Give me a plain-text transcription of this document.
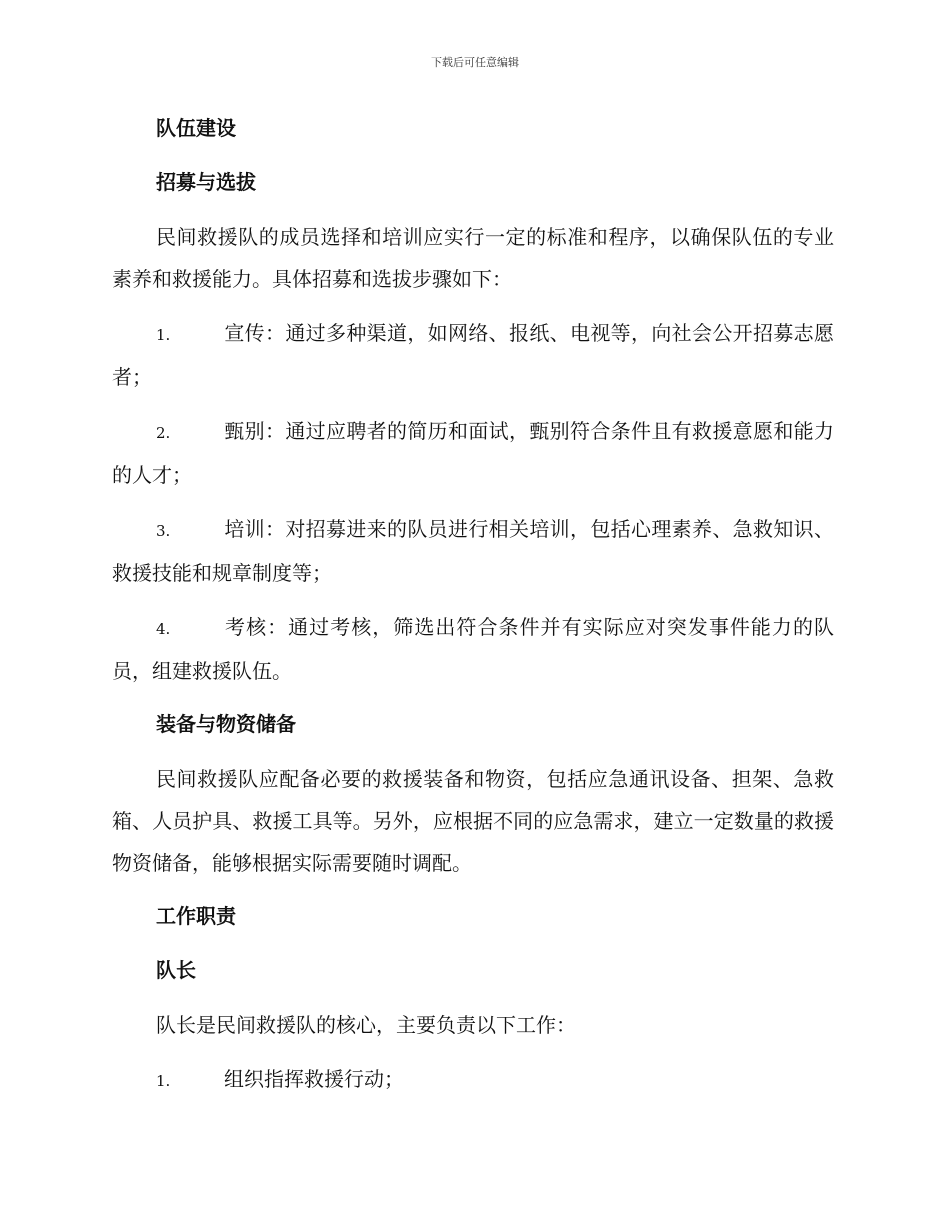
下载后可任意编辑
队伍建设
招募与选拔

民间救援队的成员选择和培训应实行一定的标准和程序，以确保队伍的专业素养和救援能力。具体招募和选拔步骤如下：

1.	宣传：通过多种渠道，如网络、报纸、电视等，向社会公开招募志愿者；
2.	甄别：通过应聘者的简历和面试，甄别符合条件且有救援意愿和能力的人才；
3.	培训：对招募进来的队员进行相关培训，包括心理素养、急救知识、救援技能和规章制度等；
4.	考核：通过考核，筛选出符合条件并有实际应对突发事件能力的队员，组建救援队伍。
装备与物资储备

民间救援队应配备必要的救援装备和物资，包括应急通讯设备、担架、急救箱、人员护具、救援工具等。另外，应根据不同的应急需求，建立一定数量的救援物资储备，能够根据实际需要随时调配。

工作职责
队长

队长是民间救援队的核心，主要负责以下工作：

1.	组织指挥救援行动；
